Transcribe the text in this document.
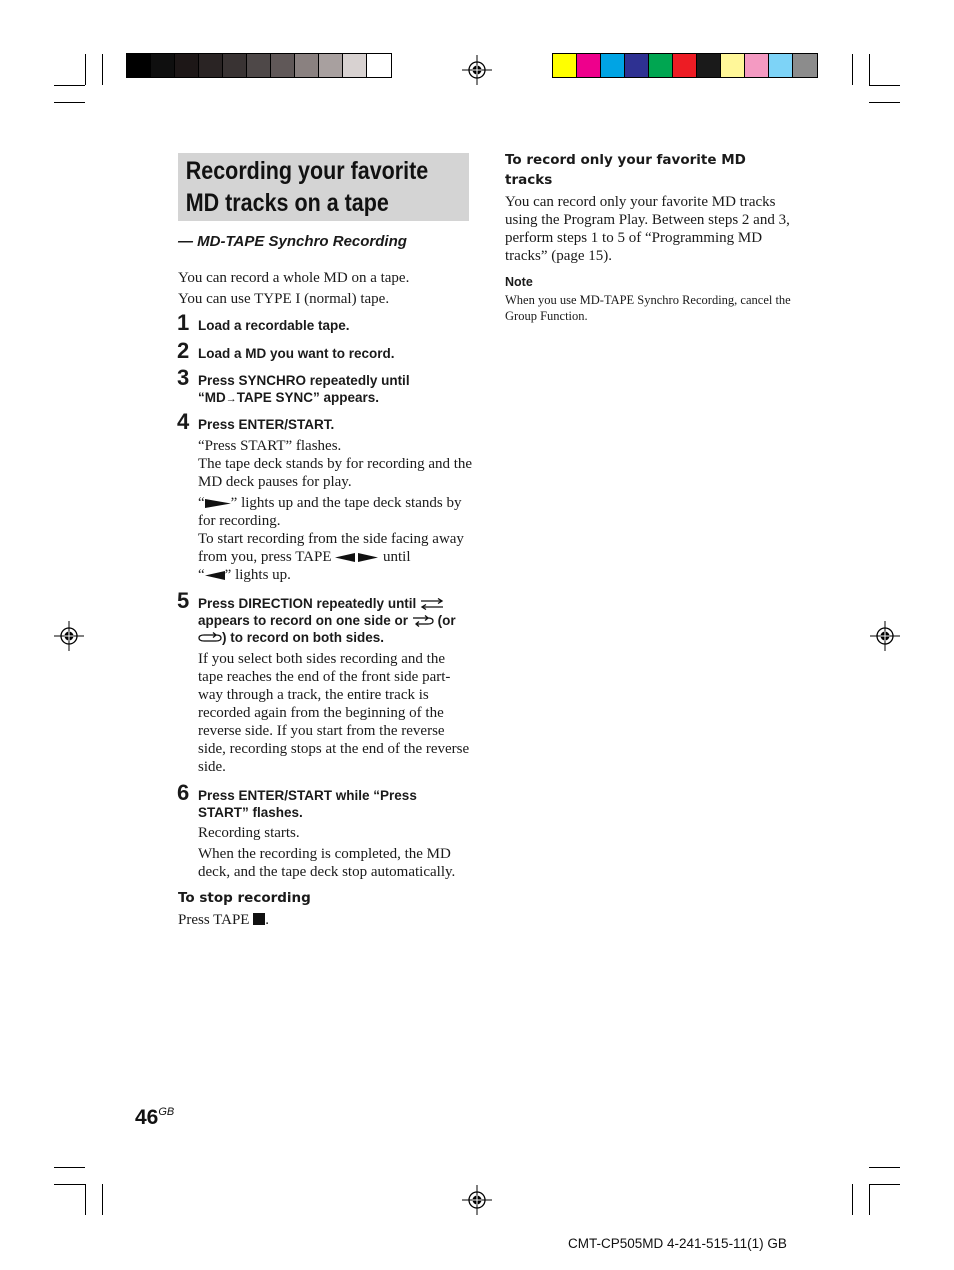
Recording your favorite
MD tracks on a tape
— MD-TAPE Synchro Recording

You can record a whole MD on a tape.

You can use TYPE I (normal) tape.

1 Load a recordable tape.
2 Load a MD you want to record.
3 Press SYNCHRO repeatedly until
“MD→TAPE SYNC” appears.
4 Press ENTER/START.

“Press START” flashes.

The tape deck stands by for recording and the MD deck pauses for play.

“ ” lights up and the tape deck stands by for recording.

To start recording from the side facing away from you, press TAPE	until
“ ” lights up.

5 Press DIRECTION repeatedly until
appears to record on one side or (or
) to record on both sides.
If you select both sides recording and the tape reaches the end of the front side part-way through a track, the entire track is recorded again from the beginning of the reverse side. If you start from the reverse side, recording stops at the end of the reverse side.
6 Press ENTER/START while “Press START” flashes.

Recording starts.

When the recording is completed, the MD deck, and the tape deck stop automatically.

To stop recording
Press TAPE .
To record only your favorite MD
tracks
You can record only your favorite MD tracks using the Program Play. Between steps 2 and 3, perform steps 1 to 5 of “Programming MD tracks” (page 15).
Note
When you use MD-TAPE Synchro Recording, cancel the Group Function.
$46^{GB}$
CMT-CP505MD 4-241-515-11(1) GB
